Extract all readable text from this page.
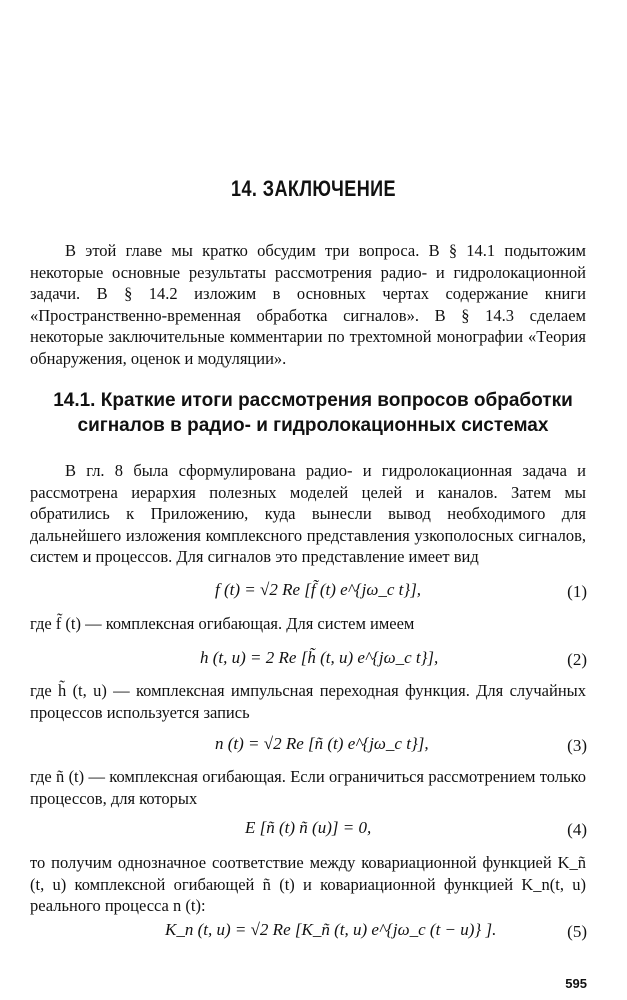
14. ЗАКЛЮЧЕНИЕ
В этой главе мы кратко обсудим три вопроса. В § 14.1 подытожим некоторые основные результаты рассмотрения радио- и гидролокационной задачи. В § 14.2 изложим в основных чертах содержание книги «Пространственно-временная обработка сигналов». В § 14.3 сделаем некоторые заключительные комментарии по трехтомной монографии «Теория обнаружения, оценок и модуляции».
14.1. Краткие итоги рассмотрения вопросов обработки
сигналов в радио- и гидролокационных системах
В гл. 8 была сформулирована радио- и гидролокационная задача и рассмотрена иерархия полезных моделей целей и каналов. Затем мы обратились к Приложению, куда вынесли вывод необходимого для дальнейшего изложения комплексного представления узкополосных сигналов, систем и процессов. Для сигналов это представление имеет вид
f (t) = √2 Re [f̃ (t) e^{jω_c t}],	(1)
где f̃ (t) — комплексная огибающая. Для систем имеем
h (t, u) = 2 Re [h̃ (t, u) e^{jω_c t}],	(2)
где h̃ (t, u) — комплексная импульсная переходная функция. Для случайных процессов используется запись
n (t) = √2 Re [ñ (t) e^{jω_c t}],	(3)
где ñ (t) — комплексная огибающая. Если ограничиться рассмотрением только процессов, для которых
E [ñ (t) ñ (u)] = 0,	(4)
то получим однозначное соответствие между ковариационной функцией K_ñ (t, u) комплексной огибающей ñ (t) и ковариационной функцией K_n(t, u) реального процесса n (t):
K_n (t, u) = √2 Re [K_ñ (t, u) e^{jω_c (t − u)} ].	(5)
595
